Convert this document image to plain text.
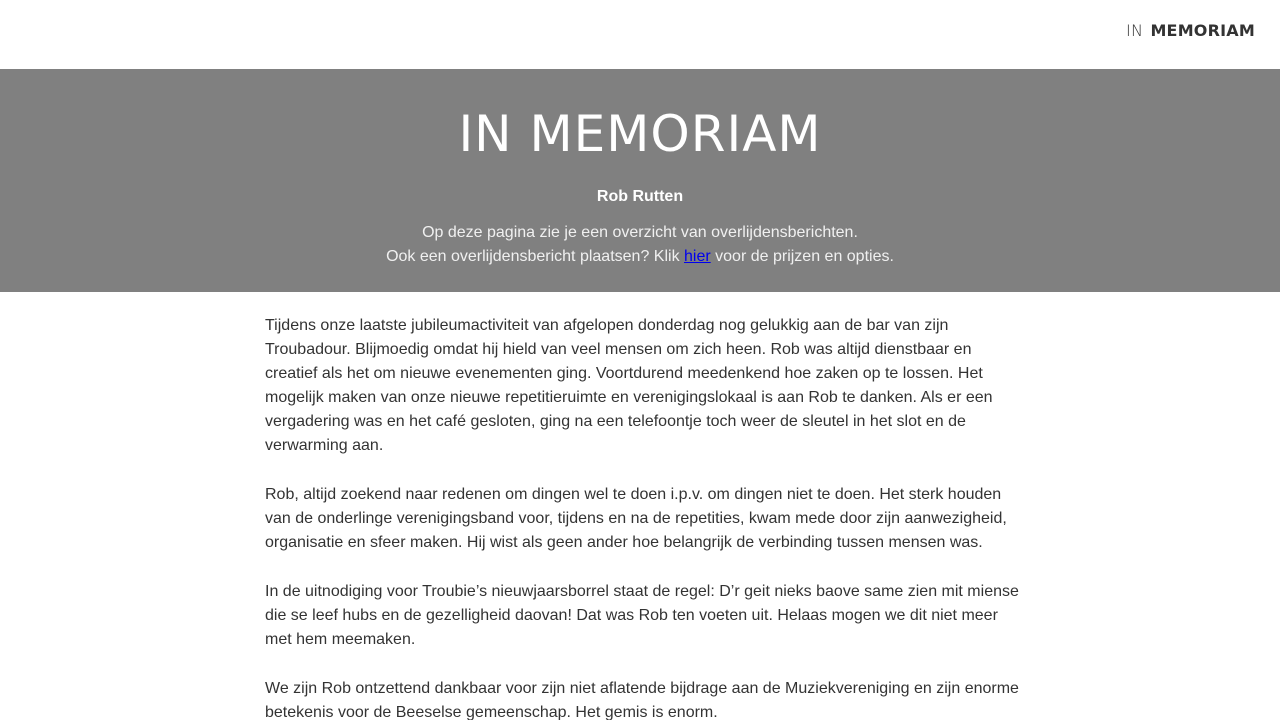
IN MEMORIAM
IN MEMORIAM
Rob Rutten
Op deze pagina zie je een overzicht van overlijdensberichten.
Ook een overlijdensbericht plaatsen? Klik hier voor de prijzen en opties.

Tijdens onze laatste jubileumactiviteit van afgelopen donderdag nog gelukkig aan de bar van zijn Troubadour. Blijmoedig omdat hij hield van veel mensen om zich heen. Rob was altijd dienstbaar en creatief als het om nieuwe evenementen ging. Voortdurend meedenkend hoe zaken op te lossen. Het mogelijk maken van onze nieuwe repetitieruimte en verenigingslokaal is aan Rob te danken. Als er een vergadering was en het café gesloten, ging na een telefoontje toch weer de sleutel in het slot en de verwarming aan.

Rob, altijd zoekend naar redenen om dingen wel te doen i.p.v. om dingen niet te doen. Het sterk houden van de onderlinge verenigingsband voor, tijdens en na de repetities, kwam mede door zijn aanwezigheid, organisatie en sfeer maken. Hij wist als geen ander hoe belangrijk de verbinding tussen mensen was.

In de uitnodiging voor Troubie’s nieuwjaarsborrel staat de regel: D’r geit nieks baove same zien mit miense die se leef hubs en de gezelligheid daovan! Dat was Rob ten voeten uit. Helaas mogen we dit niet meer met hem meemaken.

We zijn Rob ontzettend dankbaar voor zijn niet aflatende bijdrage aan de Muziekvereniging en zijn enorme betekenis voor de Beeselse gemeenschap. Het gemis is enorm.
